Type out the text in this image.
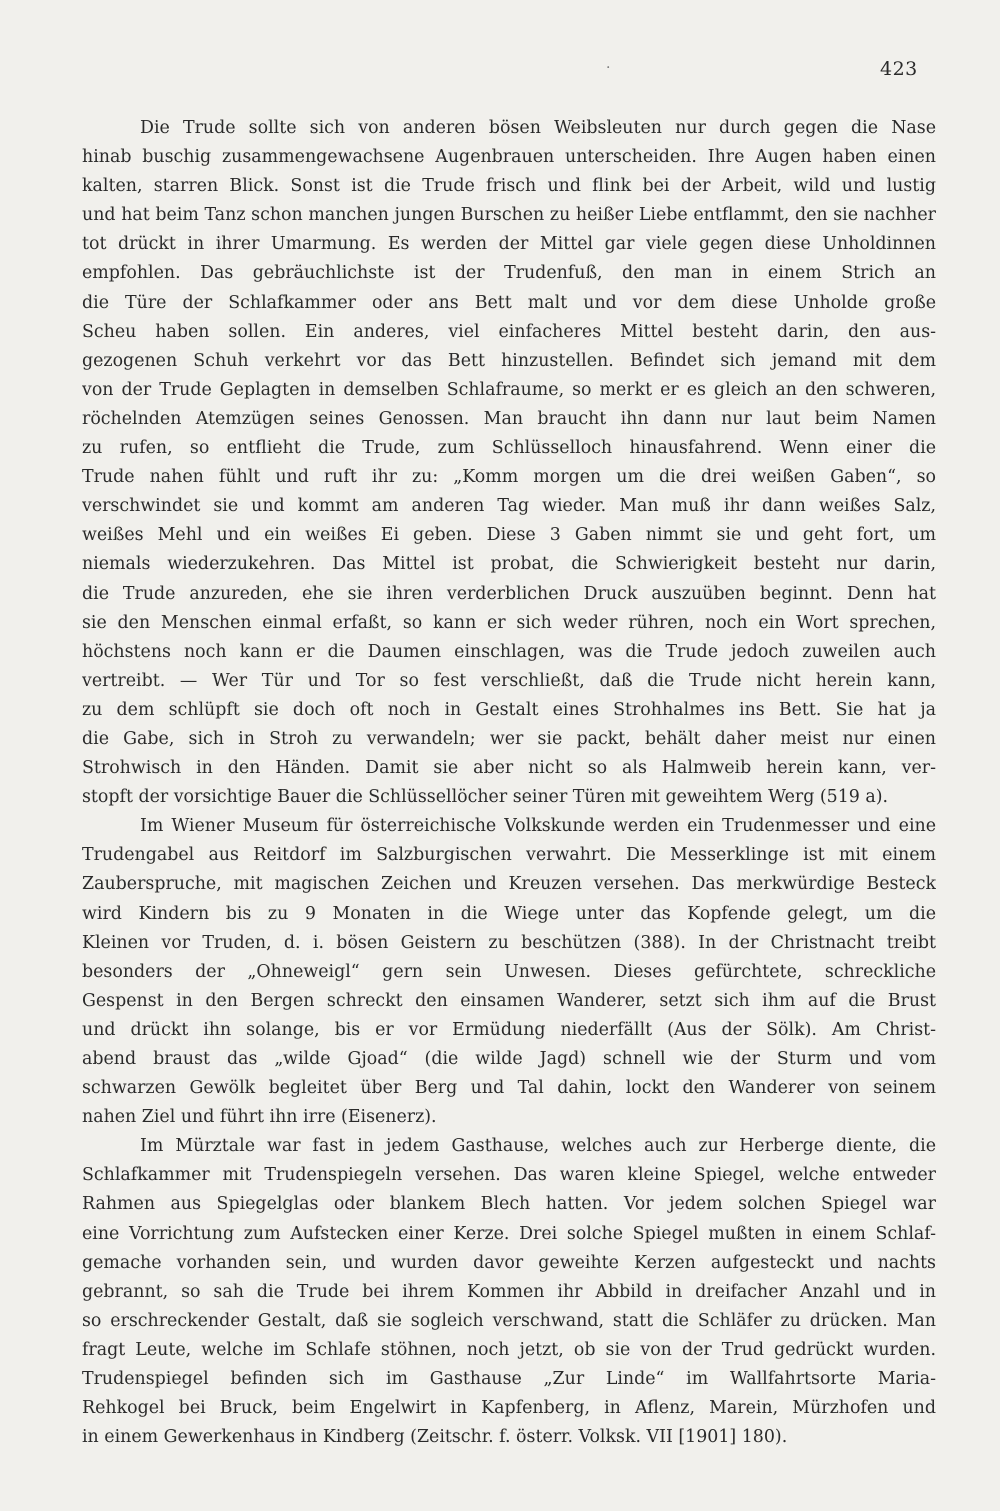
·	423
Die Trude sollte sich von anderen bösen Weibsleuten nur durch gegen die Nase
hinab buschig zusammengewachsene Augenbrauen unterscheiden. Ihre Augen haben einen
kalten, starren Blick. Sonst ist die Trude frisch und flink bei der Arbeit, wild und lustig
und hat beim Tanz schon manchen jungen Burschen zu heißer Liebe entflammt, den sie nachher
tot drückt in ihrer Umarmung. Es werden der Mittel gar viele gegen diese Unholdinnen
empfohlen. Das gebräuchlichste ist der Trudenfuß, den man in einem Strich an
die Türe der Schlafkammer oder ans Bett malt und vor dem diese Unholde große
Scheu haben sollen. Ein anderes, viel einfacheres Mittel besteht darin, den aus-
gezogenen Schuh verkehrt vor das Bett hinzustellen. Befindet sich jemand mit dem
von der Trude Geplagten in demselben Schlafraume, so merkt er es gleich an den schweren,
röchelnden Atemzügen seines Genossen. Man braucht ihn dann nur laut beim Namen
zu rufen, so entflieht die Trude, zum Schlüsselloch hinausfahrend. Wenn einer die
Trude nahen fühlt und ruft ihr zu: „Komm morgen um die drei weißen Gaben“, so
verschwindet sie und kommt am anderen Tag wieder. Man muß ihr dann weißes Salz,
weißes Mehl und ein weißes Ei geben. Diese 3 Gaben nimmt sie und geht fort, um
niemals wiederzukehren. Das Mittel ist probat, die Schwierigkeit besteht nur darin,
die Trude anzureden, ehe sie ihren verderblichen Druck auszuüben beginnt. Denn hat
sie den Menschen einmal erfaßt, so kann er sich weder rühren, noch ein Wort sprechen,
höchstens noch kann er die Daumen einschlagen, was die Trude jedoch zuweilen auch
vertreibt. — Wer Tür und Tor so fest verschließt, daß die Trude nicht herein kann,
zu dem schlüpft sie doch oft noch in Gestalt eines Strohhalmes ins Bett. Sie hat ja
die Gabe, sich in Stroh zu verwandeln; wer sie packt, behält daher meist nur einen
Strohwisch in den Händen. Damit sie aber nicht so als Halmweib herein kann, ver-
stopft der vorsichtige Bauer die Schlüssellöcher seiner Türen mit geweihtem Werg (519 a).
Im Wiener Museum für österreichische Volkskunde werden ein Trudenmesser und eine
Trudengabel aus Reitdorf im Salzburgischen verwahrt. Die Messerklinge ist mit einem
Zauberspruche, mit magischen Zeichen und Kreuzen versehen. Das merkwürdige Besteck
wird Kindern bis zu 9 Monaten in die Wiege unter das Kopfende gelegt, um die
Kleinen vor Truden, d. i. bösen Geistern zu beschützen (388). In der Christnacht treibt
besonders der „Ohneweigl“ gern sein Unwesen. Dieses gefürchtete, schreckliche
Gespenst in den Bergen schreckt den einsamen Wanderer, setzt sich ihm auf die Brust
und drückt ihn solange, bis er vor Ermüdung niederfällt (Aus der Sölk). Am Christ-
abend braust das „wilde Gjoad“ (die wilde Jagd) schnell wie der Sturm und vom
schwarzen Gewölk begleitet über Berg und Tal dahin, lockt den Wanderer von seinem
nahen Ziel und führt ihn irre (Eisenerz).
Im Mürztale war fast in jedem Gasthause, welches auch zur Herberge diente, die
Schlafkammer mit Trudenspiegeln versehen. Das waren kleine Spiegel, welche entweder
Rahmen aus Spiegelglas oder blankem Blech hatten. Vor jedem solchen Spiegel war
eine Vorrichtung zum Aufstecken einer Kerze. Drei solche Spiegel mußten in einem Schlaf-
gemache vorhanden sein, und wurden davor geweihte Kerzen aufgesteckt und nachts
gebrannt, so sah die Trude bei ihrem Kommen ihr Abbild in dreifacher Anzahl und in
so erschreckender Gestalt, daß sie sogleich verschwand, statt die Schläfer zu drücken. Man
fragt Leute, welche im Schlafe stöhnen, noch jetzt, ob sie von der Trud gedrückt wurden.
Trudenspiegel befinden sich im Gasthause „Zur Linde“ im Wallfahrtsorte Maria-
Rehkogel bei Bruck, beim Engelwirt in Kapfenberg, in Aflenz, Marein, Mürzhofen und
in einem Gewerkenhaus in Kindberg (Zeitschr. f. österr. Volksk. VII [1901] 180).
